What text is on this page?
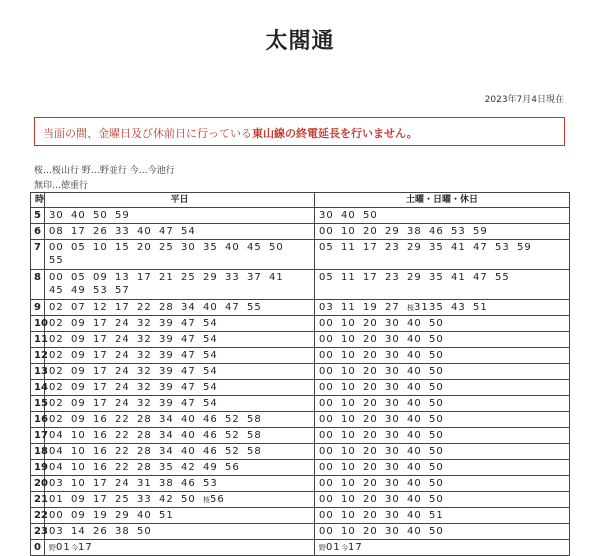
太閤通
2023年7月4日現在
当面の間、金曜日及び休前日に行っている東山線の終電延長を行いません。
桜…桜山行 野…野並行 今…今池行
無印…徳重行
時	平日	土曜・日曜・休日
5	30 40 50 59	30 40 50
6	08 17 26 33 40 47 54	00 10 20 29 38 46 53 59
7	00 05 10 15 20 25 30 35 40 45 5055	05 11 17 23 29 35 41 47 53 59
8	00 05 09 13 17 21 25 29 33 37 4145 49 53 57	05 11 17 23 29 35 41 47 55
9	02 07 12 17 22 28 34 40 47 55	03 11 19 27 桜3135 43 51
10	02 09 17 24 32 39 47 54	00 10 20 30 40 50
11	02 09 17 24 32 39 47 54	00 10 20 30 40 50
12	02 09 17 24 32 39 47 54	00 10 20 30 40 50
13	02 09 17 24 32 39 47 54	00 10 20 30 40 50
14	02 09 17 24 32 39 47 54	00 10 20 30 40 50
15	02 09 17 24 32 39 47 54	00 10 20 30 40 50
16	02 09 16 22 28 34 40 46 52 58	00 10 20 30 40 50
17	04 10 16 22 28 34 40 46 52 58	00 10 20 30 40 50
18	04 10 16 22 28 34 40 46 52 58	00 10 20 30 40 50
19	04 10 16 22 28 35 42 49 56	00 10 20 30 40 50
20	03 10 17 24 31 38 46 53	00 10 20 30 40 50
21	01 09 17 25 33 42 50 桜56	00 10 20 30 40 50
22	00 09 19 29 40 51	00 10 20 30 40 51
23	03 14 26 38 50	00 10 20 30 40 50
0	野01今17	野01今17
